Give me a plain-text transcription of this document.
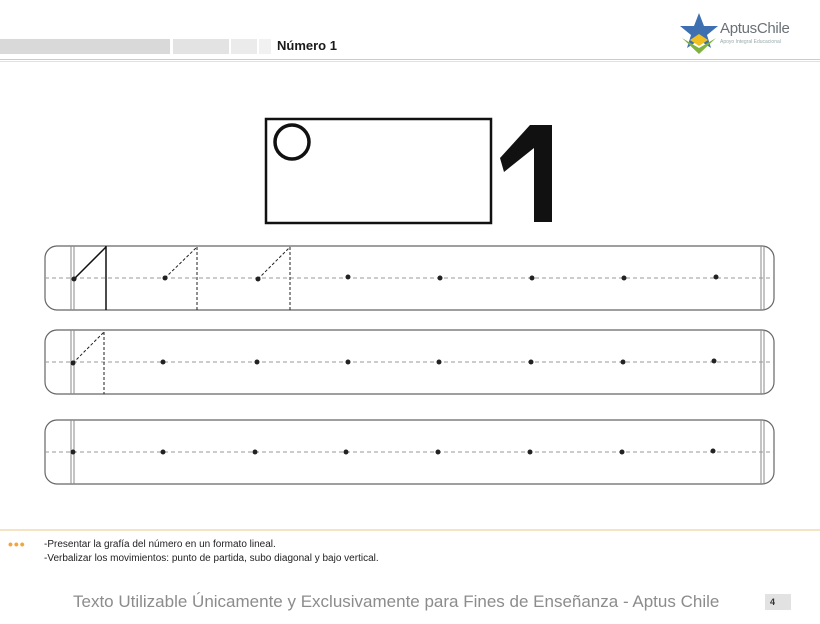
Número 1
AptusChile
Apoyo Integral Educacional
••• -Presentar la grafía del número en un formato lineal.
-Verbalizar los movimientos: punto de partida, subo diagonal y bajo vertical.
Texto Utilizable Únicamente y Exclusivamente para Fines de Enseñanza - Aptus Chile	4
